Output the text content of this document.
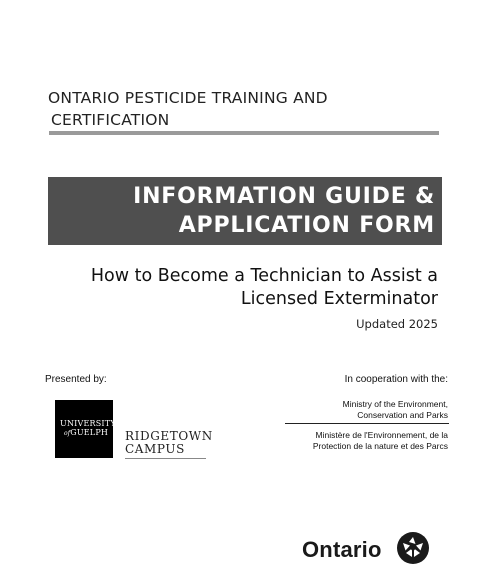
ONTARIO PESTICIDE TRAINING AND
CERTIFICATION
INFORMATION GUIDE &
APPLICATION FORM
How to Become a Technician to Assist a
Licensed Exterminator
Updated 2025
Presented by:	In cooperation with the:
UNIVERSITY
ofGUELPH	RIDGETOWN
CAMPUS
Ministry of the Environment,
Conservation and Parks
Ministère de l'Environnement, de la
Protection de la nature et des Parcs
Ontario
